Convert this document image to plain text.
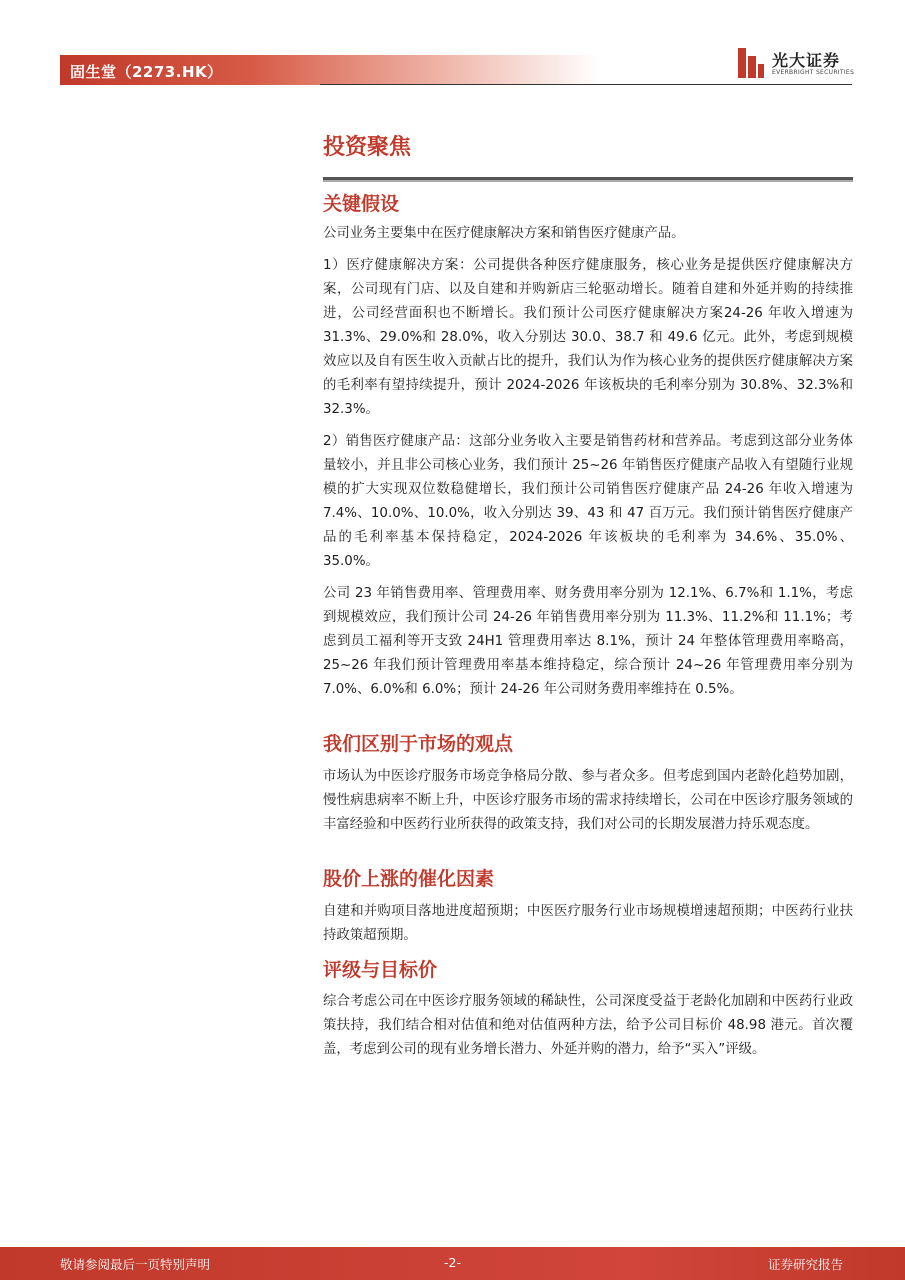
固生堂（2273.HK）
光大证券
EVERBRIGHT SECURITIES
投资聚焦
关键假设

公司业务主要集中在医疗健康解决方案和销售医疗健康产品。

1）医疗健康解决方案：公司提供各种医疗健康服务，核心业务是提供医疗健康解决方案，公司现有门店、以及自建和并购新店三轮驱动增长。随着自建和外延并购的持续推进，公司经营面积也不断增长。我们预计公司医疗健康解决方案24-26 年收入增速为 31.3%、29.0%和 28.0%，收入分别达 30.0、38.7 和 49.6 亿元。此外，考虑到规模效应以及自有医生收入贡献占比的提升，我们认为作为核心业务的提供医疗健康解决方案的毛利率有望持续提升，预计 2024-2026 年该板块的毛利率分别为 30.8%、32.3%和 32.3%。

2）销售医疗健康产品：这部分业务收入主要是销售药材和营养品。考虑到这部分业务体量较小，并且非公司核心业务，我们预计 25~26 年销售医疗健康产品收入有望随行业规模的扩大实现双位数稳健增长，我们预计公司销售医疗健康产品 24-26 年收入增速为 7.4%、10.0%、10.0%，收入分别达 39、43 和 47 百万元。我们预计销售医疗健康产品的毛利率基本保持稳定，2024-2026 年该板块的毛利率为 34.6%、35.0%、35.0%。

公司 23 年销售费用率、管理费用率、财务费用率分别为 12.1%、6.7%和 1.1%，考虑到规模效应，我们预计公司 24-26 年销售费用率分别为 11.3%、11.2%和 11.1%；考虑到员工福利等开支致 24H1 管理费用率达 8.1%，预计 24 年整体管理费用率略高，25~26 年我们预计管理费用率基本维持稳定，综合预计 24~26 年管理费用率分别为 7.0%、6.0%和 6.0%；预计 24-26 年公司财务费用率维持在 0.5%。

我们区别于市场的观点

市场认为中医诊疗服务市场竞争格局分散、参与者众多。但考虑到国内老龄化趋势加剧，慢性病患病率不断上升，中医诊疗服务市场的需求持续增长，公司在中医诊疗服务领域的丰富经验和中医药行业所获得的政策支持，我们对公司的长期发展潜力持乐观态度。

股价上涨的催化因素

自建和并购项目落地进度超预期；中医医疗服务行业市场规模增速超预期；中医药行业扶持政策超预期。

评级与目标价

综合考虑公司在中医诊疗服务领域的稀缺性，公司深度受益于老龄化加剧和中医药行业政策扶持，我们结合相对估值和绝对估值两种方法，给予公司目标价 48.98 港元。首次覆盖，考虑到公司的现有业务增长潜力、外延并购的潜力，给予“买入”评级。

敬请参阅最后一页特别声明	-2-	证券研究报告
